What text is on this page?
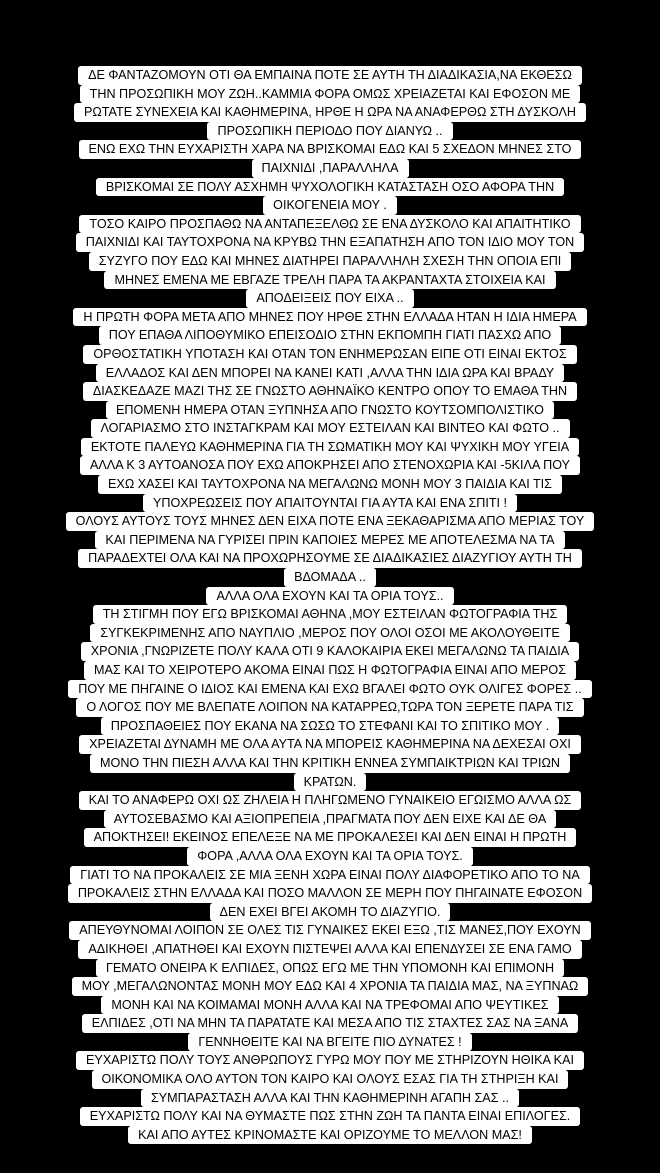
ΔΕ ΦΑΝΤΑΖΟΜΟΥΝ ΟΤΙ ΘΑ ΕΜΠΑΙΝΑ ΠΟΤΕ ΣΕ ΑΥΤΗ ΤΗ ΔΙΑΔΙΚΑΣΙΑ,ΝΑ ΕΚΘΕΣΩ
ΤΗΝ ΠΡΟΣΩΠΙΚΗ ΜΟΥ ΖΩΗ..ΚΑΜΜΙΑ ΦΟΡΑ ΟΜΩΣ ΧΡΕΙΑΖΕΤΑΙ ΚΑΙ ΕΦΟΣΟΝ ΜΕ
ΡΩΤΑΤΕ ΣΥΝΕΧΕΙΑ ΚΑΙ ΚΑΘΗΜΕΡΙΝΑ, ΗΡΘΕ Η ΩΡΑ ΝΑ ΑΝΑΦΕΡΘΩ ΣΤΗ ΔΥΣΚΟΛΗ
ΠΡΟΣΩΠΙΚΗ ΠΕΡΙΟΔΟ ΠΟΥ ΔΙΑΝΥΩ ..
ΕΝΩ ΕΧΩ ΤΗΝ ΕΥΧΑΡΙΣΤΗ ΧΑΡΑ ΝΑ ΒΡΙΣΚΟΜΑΙ ΕΔΩ ΚΑΙ 5 ΣΧΕΔΟΝ ΜΗΝΕΣ ΣΤΟ
ΠΑΙΧΝΙΔΙ ,ΠΑΡΑΛΛΗΛΑ
ΒΡΙΣΚΟΜΑΙ ΣΕ ΠΟΛΥ ΑΣΧΗΜΗ ΨΥΧΟΛΟΓΙΚΗ ΚΑΤΑΣΤΑΣΗ ΟΣΟ ΑΦΟΡΑ ΤΗΝ
ΟΙΚΟΓΕΝΕΙΑ ΜΟΥ .
ΤΟΣΟ ΚΑΙΡΟ ΠΡΟΣΠΑΘΩ ΝΑ ΑΝΤΑΠΕΞΕΛΘΩ ΣΕ ΕΝΑ ΔΥΣΚΟΛΟ ΚΑΙ ΑΠΑΙΤΗΤΙΚΟ
ΠΑΙΧΝΙΔΙ ΚΑΙ ΤΑΥΤΟΧΡΟΝΑ ΝΑ ΚΡΥΒΩ ΤΗΝ ΕΞΑΠΑΤΗΣΗ ΑΠΟ ΤΟΝ ΙΔΙΟ ΜΟΥ ΤΟΝ
ΣΥΖΥΓΟ ΠΟΥ ΕΔΩ ΚΑΙ ΜΗΝΕΣ ΔΙΑΤΗΡΕΙ ΠΑΡΑΛΛΗΛΗ ΣΧΕΣΗ ΤΗΝ ΟΠΟΙΑ ΕΠΙ
ΜΗΝΕΣ ΕΜΕΝΑ ΜΕ ΕΒΓΑΖΕ ΤΡΕΛΗ ΠΑΡΑ ΤΑ ΑΚΡΑΝΤΑΧΤΑ ΣΤΟΙΧΕΙΑ ΚΑΙ
ΑΠΟΔΕΙΞΕΙΣ ΠΟΥ ΕΙΧΑ ..
Η ΠΡΩΤΗ ΦΟΡΑ ΜΕΤΑ ΑΠΟ ΜΗΝΕΣ ΠΟΥ ΗΡΘΕ ΣΤΗΝ ΕΛΛΑΔΑ ΗΤΑΝ Η ΙΔΙΑ ΗΜΕΡΑ
ΠΟΥ ΕΠΑΘΑ ΛΙΠΟΘΥΜΙΚΟ ΕΠΕΙΣΟΔΙΟ ΣΤΗΝ ΕΚΠΟΜΠΗ ΓΙΑΤΙ ΠΑΣΧΩ ΑΠΟ
ΟΡΘΟΣΤΑΤΙΚΗ ΥΠΟΤΑΣΗ ΚΑΙ ΟΤΑΝ ΤΟΝ ΕΝΗΜΕΡΩΣΑΝ ΕΙΠΕ ΟΤΙ ΕΙΝΑΙ ΕΚΤΟΣ
ΕΛΛΑΔΟΣ ΚΑΙ ΔΕΝ ΜΠΟΡΕΙ ΝΑ ΚΑΝΕΙ ΚΑΤΙ ,ΑΛΛΑ ΤΗΝ ΙΔΙΑ ΩΡΑ ΚΑΙ ΒΡΑΔΥ
ΔΙΑΣΚΕΔΑΖΕ ΜΑΖΙ ΤΗΣ ΣΕ ΓΝΩΣΤΟ ΑΘΗΝΑΪΚΟ ΚΕΝΤΡΟ ΟΠΟΥ ΤΟ ΕΜΑΘΑ ΤΗΝ
ΕΠΟΜΕΝΗ ΗΜΕΡΑ ΟΤΑΝ ΞΥΠΝΗΣΑ ΑΠΟ ΓΝΩΣΤΟ ΚΟΥΤΣΟΜΠΟΛΙΣΤΙΚΟ
ΛΟΓΑΡΙΑΣΜΟ ΣΤΟ ΙΝΣΤΑΓΚΡΑΜ ΚΑΙ ΜΟΥ ΕΣΤΕΙΛΑΝ ΚΑΙ ΒΙΝΤΕΟ ΚΑΙ ΦΩΤΟ ..
ΕΚΤΟΤΕ ΠΑΛΕΥΩ ΚΑΘΗΜΕΡΙΝΑ ΓΙΑ ΤΗ ΣΩΜΑΤΙΚΗ ΜΟΥ ΚΑΙ ΨΥΧΙΚΗ ΜΟΥ ΥΓΕΙΑ
ΑΛΛΑ Κ 3 ΑΥΤΟΑΝΟΣΑ ΠΟΥ ΕΧΩ ΑΠΟΚΡΗΣΕΙ ΑΠΟ ΣΤΕΝΟΧΩΡΙΑ ΚΑΙ -5ΚΙΛΑ ΠΟΥ
ΕΧΩ ΧΑΣΕΙ ΚΑΙ ΤΑΥΤΟΧΡΟΝΑ ΝΑ ΜΕΓΑΛΩΝΩ ΜΟΝΗ ΜΟΥ 3 ΠΑΙΔΙΑ ΚΑΙ ΤΙΣ
ΥΠΟΧΡΕΩΣΕΙΣ ΠΟΥ ΑΠΑΙΤΟΥΝΤΑΙ ΓΙΑ ΑΥΤΑ ΚΑΙ ΕΝΑ ΣΠΙΤΙ !
ΟΛΟΥΣ ΑΥΤΟΥΣ ΤΟΥΣ ΜΗΝΕΣ ΔΕΝ ΕΙΧΑ ΠΟΤΕ ΕΝΑ ΞΕΚΑΘΑΡΙΣΜΑ ΑΠΟ ΜΕΡΙΑΣ ΤΟΥ
ΚΑΙ ΠΕΡΙΜΕΝΑ ΝΑ ΓΥΡΙΣΕΙ ΠΡΙΝ ΚΑΠΟΙΕΣ ΜΕΡΕΣ ΜΕ ΑΠΟΤΕΛΕΣΜΑ ΝΑ ΤΑ
ΠΑΡΑΔΕΧΤΕΙ ΟΛΑ ΚΑΙ ΝΑ ΠΡΟΧΩΡΗΣΟΥΜΕ ΣΕ ΔΙΑΔΙΚΑΣΙΕΣ ΔΙΑΖΥΓΙΟΥ ΑΥΤΗ ΤΗ
ΒΔΟΜΑΔΑ ..
ΑΛΛΑ ΟΛΑ ΕΧΟΥΝ ΚΑΙ ΤΑ ΟΡΙΑ ΤΟΥΣ..
ΤΗ ΣΤΙΓΜΗ ΠΟΥ ΕΓΩ ΒΡΙΣΚΟΜΑΙ ΑΘΗΝΑ ,ΜΟΥ ΕΣΤΕΙΛΑΝ ΦΩΤΟΓΡΑΦΙΑ ΤΗΣ
ΣΥΓΚΕΚΡΙΜΕΝΗΣ ΑΠΟ ΝΑΥΠΛΙΟ ,ΜΕΡΟΣ ΠΟΥ ΟΛΟΙ ΟΣΟΙ ΜΕ ΑΚΟΛΟΥΘΕΙΤΕ
ΧΡΟΝΙΑ ,ΓΝΩΡΙΖΕΤΕ ΠΟΛΥ ΚΑΛΑ ΟΤΙ 9 ΚΑΛΟΚΑΙΡΙΑ ΕΚΕΙ ΜΕΓΑΛΩΝΩ ΤΑ ΠΑΙΔΙΑ
ΜΑΣ ΚΑΙ ΤΟ ΧΕΙΡΟΤΕΡΟ ΑΚΟΜΑ ΕΙΝΑΙ ΠΩΣ Η ΦΩΤΟΓΡΑΦΙΑ ΕΙΝΑΙ ΑΠΟ ΜΕΡΟΣ
ΠΟΥ ΜΕ ΠΗΓΑΙΝΕ Ο ΙΔΙΟΣ ΚΑΙ ΕΜΕΝΑ ΚΑΙ ΕΧΩ ΒΓΑΛΕΙ ΦΩΤΟ ΟΥΚ ΟΛΙΓΕΣ ΦΟΡΕΣ ..
Ο ΛΟΓΟΣ ΠΟΥ ΜΕ ΒΛΕΠΑΤΕ ΛΟΙΠΟΝ ΝΑ ΚΑΤΑΡΡΕΩ,ΤΩΡΑ ΤΟΝ ΞΕΡΕΤΕ ΠΑΡΑ ΤΙΣ
ΠΡΟΣΠΑΘΕΙΕΣ ΠΟΥ ΕΚΑΝΑ ΝΑ ΣΩΣΩ ΤΟ ΣΤΕΦΑΝΙ ΚΑΙ ΤΟ ΣΠΙΤΙΚΟ ΜΟΥ .
ΧΡΕΙΑΖΕΤΑΙ ΔΥΝΑΜΗ ΜΕ ΟΛΑ ΑΥΤΑ ΝΑ ΜΠΟΡΕΙΣ ΚΑΘΗΜΕΡΙΝΑ ΝΑ ΔΕΧΕΣΑΙ ΟΧΙ
ΜΟΝΟ ΤΗΝ ΠΙΕΣΗ ΑΛΛΑ ΚΑΙ ΤΗΝ ΚΡΙΤΙΚΗ ΕΝΝΕΑ ΣΥΜΠΑΙΚΤΡΙΩΝ ΚΑΙ ΤΡΙΩΝ
ΚΡΑΤΩΝ.
ΚΑΙ ΤΟ ΑΝΑΦΕΡΩ ΟΧΙ ΩΣ ΖΗΛΕΙΑ Η ΠΛΗΓΩΜΕΝΟ ΓΥΝΑΙΚΕΙΟ ΕΓΩΙΣΜΟ ΑΛΛΑ ΩΣ
ΑΥΤΟΣΕΒΑΣΜΟ ΚΑΙ ΑΞΙΟΠΡΕΠΕΙΑ ,ΠΡΑΓΜΑΤΑ ΠΟΥ ΔΕΝ ΕΙΧΕ ΚΑΙ ΔΕ ΘΑ
ΑΠΟΚΤΗΣΕΙ! ΕΚΕΙΝΟΣ ΕΠΕΛΕΞΕ ΝΑ ΜΕ ΠΡΟΚΑΛΕΣΕΙ ΚΑΙ ΔΕΝ ΕΙΝΑΙ Η ΠΡΩΤΗ
ΦΟΡΑ ,ΑΛΛΑ ΟΛΑ ΕΧΟΥΝ ΚΑΙ ΤΑ ΟΡΙΑ ΤΟΥΣ.
ΓΙΑΤΙ ΤΟ ΝΑ ΠΡΟΚΑΛΕΙΣ ΣΕ ΜΙΑ ΞΕΝΗ ΧΩΡΑ ΕΙΝΑΙ ΠΟΛΥ ΔΙΑΦΟΡΕΤΙΚΟ ΑΠΟ ΤΟ ΝΑ
ΠΡΟΚΑΛΕΙΣ ΣΤΗΝ ΕΛΛΑΔΑ ΚΑΙ ΠΟΣΟ ΜΑΛΛΟΝ ΣΕ ΜΕΡΗ ΠΟΥ ΠΗΓΑΙΝΑΤΕ ΕΦΟΣΟΝ
ΔΕΝ ΕΧΕΙ ΒΓΕΙ ΑΚΟΜΗ ΤΟ ΔΙΑΖΥΓΙΟ.
ΑΠΕΥΘΥΝΟΜΑΙ ΛΟΙΠΟΝ ΣΕ ΟΛΕΣ ΤΙΣ ΓΥΝΑΙΚΕΣ ΕΚΕΙ ΕΞΩ ,ΤΙΣ ΜΑΝΕΣ,ΠΟΥ ΕΧΟΥΝ
ΑΔΙΚΗΘΕΙ ,ΑΠΑΤΗΘΕΙ ΚΑΙ ΕΧΟΥΝ ΠΙΣΤΕΨΕΙ ΑΛΛΑ ΚΑΙ ΕΠΕΝΔΥΣΕΙ ΣΕ ΕΝΑ ΓΑΜΟ
ΓΕΜΑΤΟ ΟΝΕΙΡΑ Κ ΕΛΠΙΔΕΣ, ΟΠΩΣ ΕΓΩ ΜΕ ΤΗΝ ΥΠΟΜΟΝΗ ΚΑΙ ΕΠΙΜΟΝΗ
ΜΟΥ ,ΜΕΓΑΛΩΝΟΝΤΑΣ ΜΟΝΗ ΜΟΥ ΕΔΩ ΚΑΙ 4 ΧΡΟΝΙΑ ΤΑ ΠΑΙΔΙΑ ΜΑΣ, ΝΑ ΞΥΠΝΑΩ
ΜΟΝΗ ΚΑΙ ΝΑ ΚΟΙΜΑΜΑΙ ΜΟΝΗ ΑΛΛΑ ΚΑΙ ΝΑ ΤΡΕΦΟΜΑΙ ΑΠΟ ΨΕΥΤΙΚΕΣ
ΕΛΠΙΔΕΣ ,ΟΤΙ ΝΑ ΜΗΝ ΤΑ ΠΑΡΑΤΑΤΕ ΚΑΙ ΜΕΣΑ ΑΠΟ ΤΙΣ ΣΤΑΧΤΕΣ ΣΑΣ ΝΑ ΞΑΝΑ
ΓΕΝΝΗΘΕΙΤΕ ΚΑΙ ΝΑ ΒΓΕΙΤΕ ΠΙΟ ΔΥΝΑΤΕΣ !
ΕΥΧΑΡΙΣΤΩ ΠΟΛΥ ΤΟΥΣ ΑΝΘΡΩΠΟΥΣ ΓΥΡΩ ΜΟΥ ΠΟΥ ΜΕ ΣΤΗΡΙΖΟΥΝ ΗΘΙΚΑ ΚΑΙ
ΟΙΚΟΝΟΜΙΚΑ ΟΛΟ ΑΥΤΟΝ ΤΟΝ ΚΑΙΡΟ ΚΑΙ ΟΛΟΥΣ ΕΣΑΣ ΓΙΑ ΤΗ ΣΤΗΡΙΞΗ ΚΑΙ
ΣΥΜΠΑΡΑΣΤΑΣΗ ΑΛΛΑ ΚΑΙ ΤΗΝ ΚΑΘΗΜΕΡΙΝΗ ΑΓΑΠΗ ΣΑΣ ..
ΕΥΧΑΡΙΣΤΩ ΠΟΛΥ ΚΑΙ ΝΑ ΘΥΜΑΣΤΕ ΠΩΣ ΣΤΗΝ ΖΩΗ ΤΑ ΠΑΝΤΑ ΕΙΝΑΙ ΕΠΙΛΟΓΕΣ.
ΚΑΙ ΑΠΟ ΑΥΤΕΣ ΚΡΙΝΟΜΑΣΤΕ ΚΑΙ ΟΡΙΖΟΥΜΕ ΤΟ ΜΕΛΛΟΝ ΜΑΣ!
